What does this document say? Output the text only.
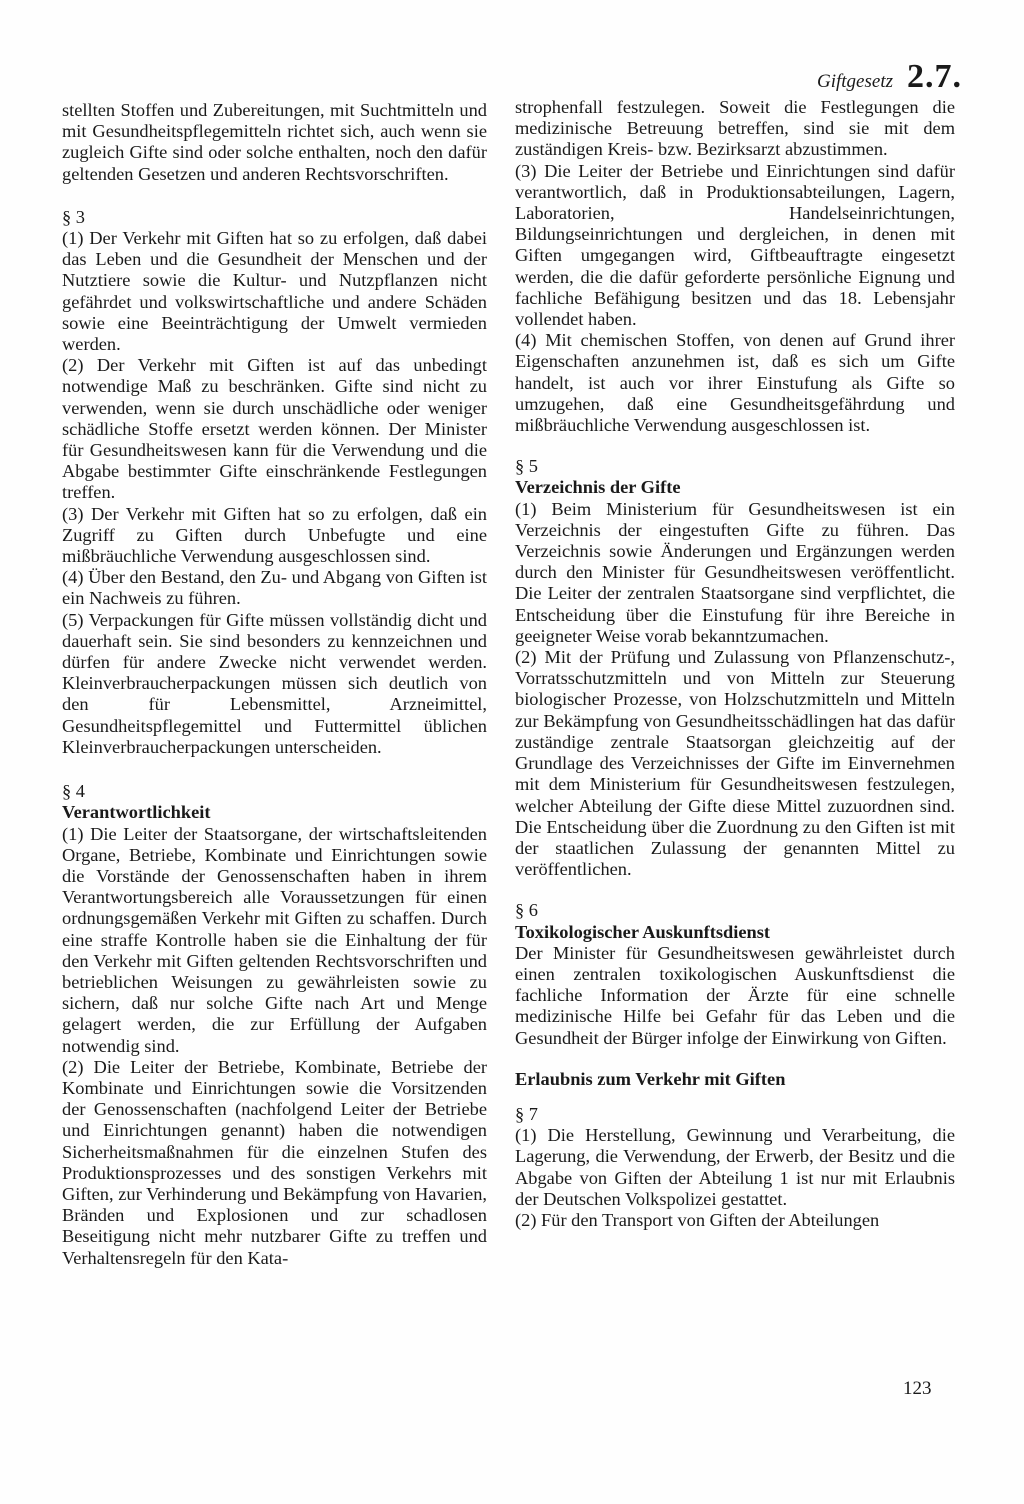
Giftgesetz 2.7.

stellten Stoffen und Zubereitungen, mit Suchtmitteln und mit Gesundheitspflegemitteln richtet sich, auch wenn sie zugleich Gifte sind oder solche enthalten, noch den dafür geltenden Gesetzen und anderen Rechtsvorschriften.

§ 3

(1) Der Verkehr mit Giften hat so zu erfolgen, daß dabei das Leben und die Gesundheit der Menschen und der Nutztiere sowie die Kultur- und Nutzpflanzen nicht gefährdet und volkswirtschaftliche und andere Schäden sowie eine Beeinträchtigung der Umwelt vermieden werden.

(2) Der Verkehr mit Giften ist auf das unbedingt notwendige Maß zu beschränken. Gifte sind nicht zu verwenden, wenn sie durch unschädliche oder weniger schädliche Stoffe ersetzt werden können. Der Minister für Gesundheitswesen kann für die Verwendung und die Abgabe bestimmter Gifte einschränkende Festlegungen treffen.

(3) Der Verkehr mit Giften hat so zu erfolgen, daß ein Zugriff zu Giften durch Unbefugte und eine mißbräuchliche Verwendung ausgeschlossen sind.

(4) Über den Bestand, den Zu- und Abgang von Giften ist ein Nachweis zu führen.

(5) Verpackungen für Gifte müssen vollständig dicht und dauerhaft sein. Sie sind besonders zu kennzeichnen und dürfen für andere Zwecke nicht verwendet werden. Kleinverbraucherpackungen müssen sich deutlich von den für Lebensmittel, Arzneimittel, Gesundheitspflegemittel und Futtermittel üblichen Kleinverbraucherpackungen unterscheiden.

§ 4

Verantwortlichkeit

(1) Die Leiter der Staatsorgane, der wirtschaftsleitenden Organe, Betriebe, Kombinate und Einrichtungen sowie die Vorstände der Genossenschaften haben in ihrem Verantwortungsbereich alle Voraussetzungen für einen ordnungsgemäßen Verkehr mit Giften zu schaffen. Durch eine straffe Kontrolle haben sie die Einhaltung der für den Verkehr mit Giften geltenden Rechtsvorschriften und betrieblichen Weisungen zu gewährleisten sowie zu sichern, daß nur solche Gifte nach Art und Menge gelagert werden, die zur Erfüllung der Aufgaben notwendig sind.

(2) Die Leiter der Betriebe, Kombinate, Betriebe der Kombinate und Einrichtungen sowie die Vorsitzenden der Genossenschaften (nachfolgend Leiter der Betriebe und Einrichtungen genannt) haben die notwendigen Sicherheitsmaßnahmen für die einzelnen Stufen des Produktionsprozesses und des sonstigen Verkehrs mit Giften, zur Verhinderung und Bekämpfung von Havarien, Bränden und Explosionen und zur schadlosen Beseitigung nicht mehr nutzbarer Gifte zu treffen und Verhaltensregeln für den Kata-

strophenfall festzulegen. Soweit die Festlegungen die medizinische Betreuung betreffen, sind sie mit dem zuständigen Kreis- bzw. Bezirksarzt abzustimmen.

(3) Die Leiter der Betriebe und Einrichtungen sind dafür verantwortlich, daß in Produktionsabteilungen, Lagern, Laboratorien, Handelseinrichtungen, Bildungseinrichtungen und dergleichen, in denen mit Giften umgegangen wird, Giftbeauftragte eingesetzt werden, die die dafür geforderte persönliche Eignung und fachliche Befähigung besitzen und das 18. Lebensjahr vollendet haben.

(4) Mit chemischen Stoffen, von denen auf Grund ihrer Eigenschaften anzunehmen ist, daß es sich um Gifte handelt, ist auch vor ihrer Einstufung als Gifte so umzugehen, daß eine Gesundheitsgefährdung und mißbräuchliche Verwendung ausgeschlossen ist.

§ 5

Verzeichnis der Gifte

(1) Beim Ministerium für Gesundheitswesen ist ein Verzeichnis der eingestuften Gifte zu führen. Das Verzeichnis sowie Änderungen und Ergänzungen werden durch den Minister für Gesundheitswesen veröffentlicht. Die Leiter der zentralen Staatsorgane sind verpflichtet, die Entscheidung über die Einstufung für ihre Bereiche in geeigneter Weise vorab bekanntzumachen.

(2) Mit der Prüfung und Zulassung von Pflanzenschutz-, Vorratsschutzmitteln und von Mitteln zur Steuerung biologischer Prozesse, von Holzschutzmitteln und Mitteln zur Bekämpfung von Gesundheitsschädlingen hat das dafür zuständige zentrale Staatsorgan gleichzeitig auf der Grundlage des Verzeichnisses der Gifte im Einvernehmen mit dem Ministerium für Gesundheitswesen festzulegen, welcher Abteilung der Gifte diese Mittel zuzuordnen sind. Die Entscheidung über die Zuordnung zu den Giften ist mit der staatlichen Zulassung der genannten Mittel zu veröffentlichen.

§ 6

Toxikologischer Auskunftsdienst

Der Minister für Gesundheitswesen gewährleistet durch einen zentralen toxikologischen Auskunftsdienst die fachliche Information der Ärzte für eine schnelle medizinische Hilfe bei Gefahr für das Leben und die Gesundheit der Bürger infolge der Einwirkung von Giften.

Erlaubnis zum Verkehr mit Giften

§ 7

(1) Die Herstellung, Gewinnung und Verarbeitung, die Lagerung, die Verwendung, der Erwerb, der Besitz und die Abgabe von Giften der Abteilung 1 ist nur mit Erlaubnis der Deutschen Volkspolizei gestattet.

(2) Für den Transport von Giften der Abteilungen

123
